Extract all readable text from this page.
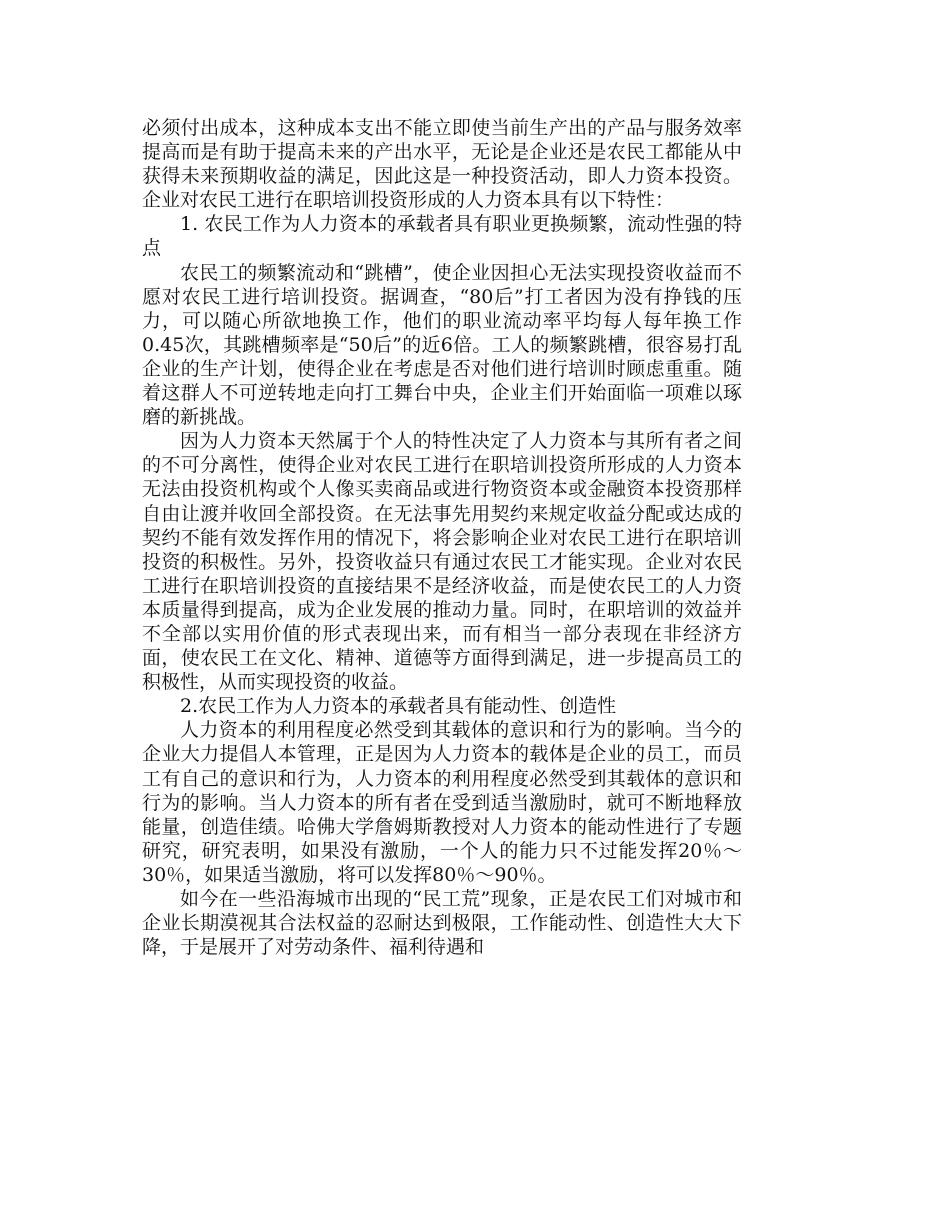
必须付出成本，这种成本支出不能立即使当前生产出的产品与服务效率提高而是有助于提高未来的产出水平，无论是企业还是农民工都能从中获得未来预期收益的满足，因此这是一种投资活动，即人力资本投资。企业对农民工进行在职培训投资形成的人力资本具有以下特性：

1. 农民工作为人力资本的承载者具有职业更换频繁，流动性强的特点

农民工的频繁流动和“跳槽”，使企业因担心无法实现投资收益而不愿对农民工进行培训投资。据调查，“80后”打工者因为没有挣钱的压力，可以随心所欲地换工作，他们的职业流动率平均每人每年换工作0.45次，其跳槽频率是“50后”的近6倍。工人的频繁跳槽，很容易打乱企业的生产计划，使得企业在考虑是否对他们进行培训时顾虑重重。随着这群人不可逆转地走向打工舞台中央，企业主们开始面临一项难以琢磨的新挑战。

因为人力资本天然属于个人的特性决定了人力资本与其所有者之间的不可分离性，使得企业对农民工进行在职培训投资所形成的人力资本无法由投资机构或个人像买卖商品或进行物资资本或金融资本投资那样自由让渡并收回全部投资。在无法事先用契约来规定收益分配或达成的契约不能有效发挥作用的情况下，将会影响企业对农民工进行在职培训投资的积极性。另外，投资收益只有通过农民工才能实现。企业对农民工进行在职培训投资的直接结果不是经济收益，而是使农民工的人力资本质量得到提高，成为企业发展的推动力量。同时，在职培训的效益并不全部以实用价值的形式表现出来，而有相当一部分表现在非经济方面，使农民工在文化、精神、道德等方面得到满足，进一步提高员工的积极性，从而实现投资的收益。

2.农民工作为人力资本的承载者具有能动性、创造性

人力资本的利用程度必然受到其载体的意识和行为的影响。当今的企业大力提倡人本管理，正是因为人力资本的载体是企业的员工，而员工有自己的意识和行为，人力资本的利用程度必然受到其载体的意识和行为的影响。当人力资本的所有者在受到适当激励时，就可不断地释放能量，创造佳绩。哈佛大学詹姆斯教授对人力资本的能动性进行了专题研究，研究表明，如果没有激励，一个人的能力只不过能发挥20％～30％，如果适当激励，将可以发挥80％～90％。

如今在一些沿海城市出现的“民工荒”现象，正是农民工们对城市和企业长期漠视其合法权益的忍耐达到极限，工作能动性、创造性大大下降，于是展开了对劳动条件、福利待遇和
